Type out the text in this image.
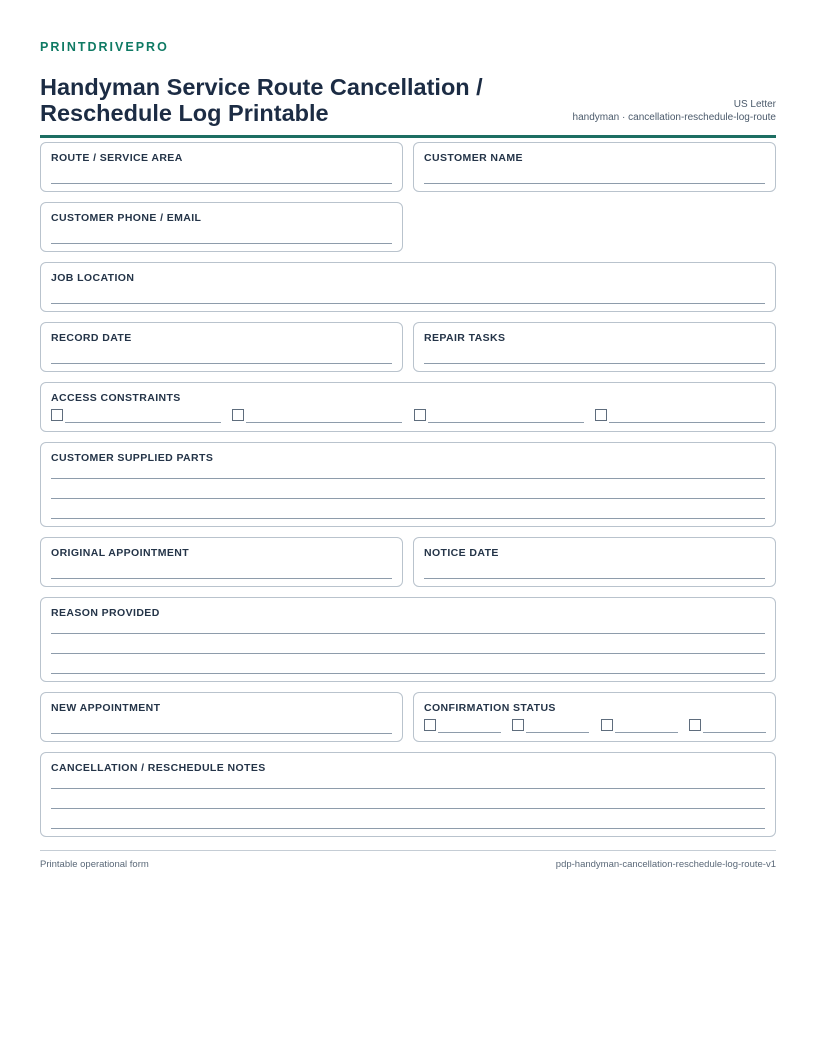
PRINTDRIVEPRO
Handyman Service Route Cancellation / Reschedule Log Printable	US Letter
handyman · cancellation-reschedule-log-route
ROUTE / SERVICE AREA	CUSTOMER NAME
CUSTOMER PHONE / EMAIL
JOB LOCATION
RECORD DATE	REPAIR TASKS
ACCESS CONSTRAINTS
CUSTOMER SUPPLIED PARTS
ORIGINAL APPOINTMENT	NOTICE DATE
REASON PROVIDED
NEW APPOINTMENT	CONFIRMATION STATUS
CANCELLATION / RESCHEDULE NOTES
Printable operational form	pdp-handyman-cancellation-reschedule-log-route-v1
